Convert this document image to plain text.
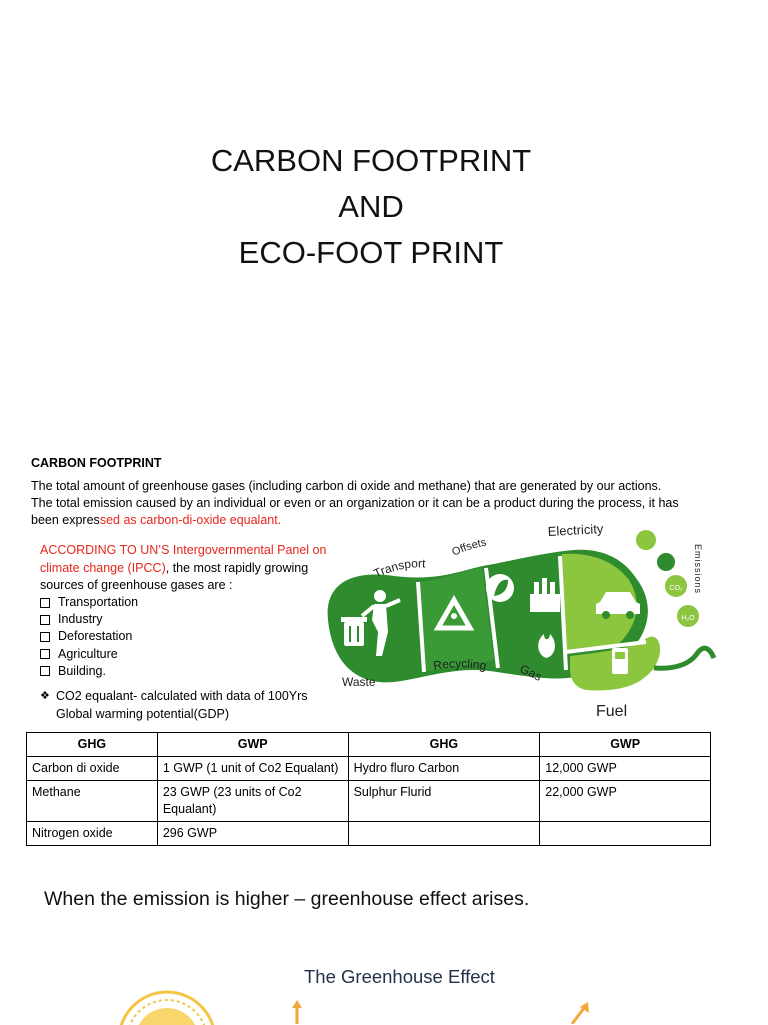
CARBON FOOTPRINT
AND
ECO-FOOT PRINT
CARBON FOOTPRINT
The total amount of greenhouse gases (including carbon di oxide and methane) that are generated by our actions.
The total emission caused by an individual or even or an organization or it can be a product during the process, it has
been expressed as carbon-di-oxide equalant.
ACCORDING TO UN’S Intergovernmental Panel on climate change (IPCC), the most rapidly growing sources of greenhouse gases are :
Transportation
Industry
Deforestation
Agriculture
Building.
❖ CO2 equalant- calculated with data of 100Yrs Global warming potential(GDP)
CO₂
H₂O
Transport
Offsets
Electricity
Emissions
Waste
Recycling	Gas
Fuel
GHG	GWP	GHG	GWP
Carbon di oxide	1 GWP (1 unit of Co2 Equalant)	Hydro fluro Carbon	12,000 GWP
Methane	23 GWP (23 units of Co2 Equalant)	Sulphur Flurid	22,000 GWP
Nitrogen oxide	296 GWP		
When the emission is higher – greenhouse effect arises.
The Greenhouse Effect
